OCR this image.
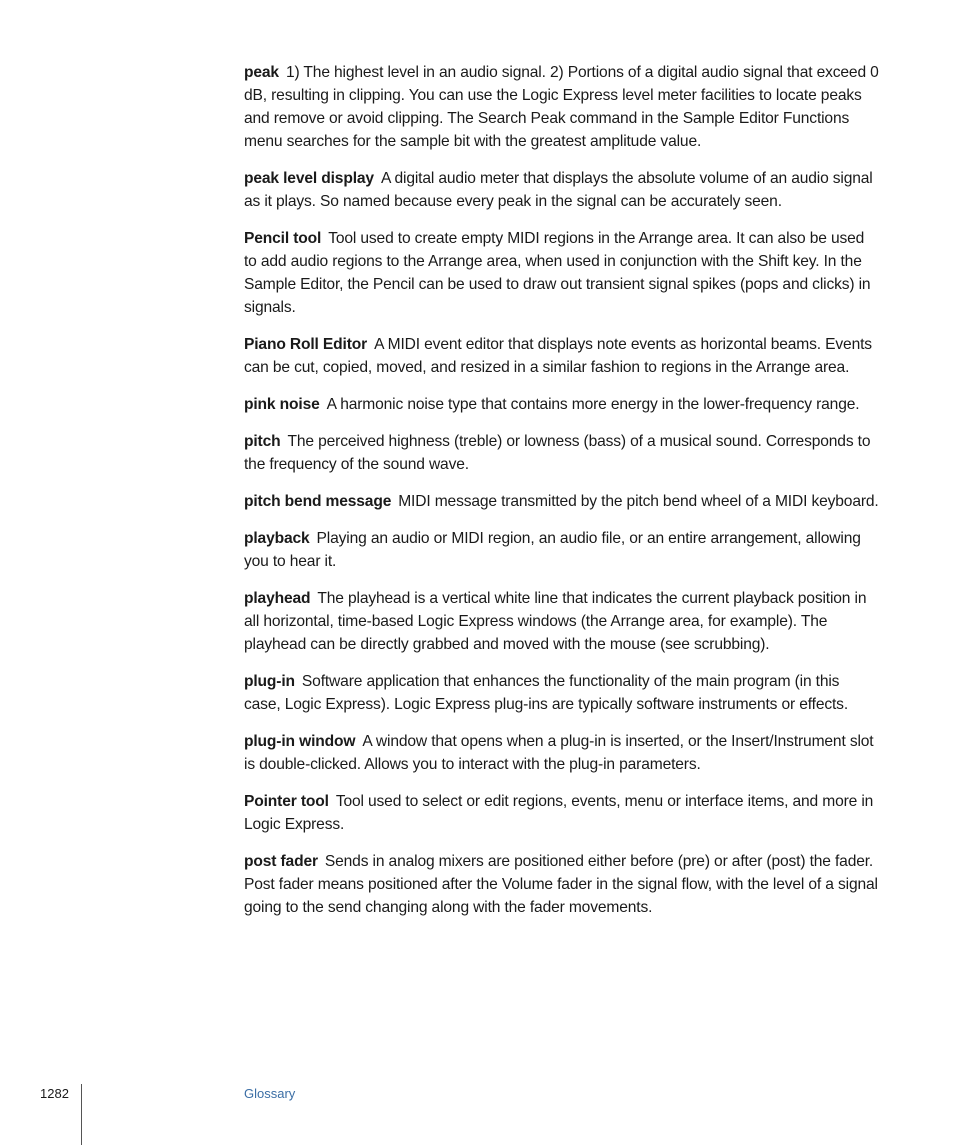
peak 1) The highest level in an audio signal. 2) Portions of a digital audio signal that exceed 0 dB, resulting in clipping. You can use the Logic Express level meter facilities to locate peaks and remove or avoid clipping. The Search Peak command in the Sample Editor Functions menu searches for the sample bit with the greatest amplitude value.

peak level display A digital audio meter that displays the absolute volume of an audio signal as it plays. So named because every peak in the signal can be accurately seen.

Pencil tool Tool used to create empty MIDI regions in the Arrange area. It can also be used to add audio regions to the Arrange area, when used in conjunction with the Shift key. In the Sample Editor, the Pencil can be used to draw out transient signal spikes (pops and clicks) in signals.

Piano Roll Editor A MIDI event editor that displays note events as horizontal beams. Events can be cut, copied, moved, and resized in a similar fashion to regions in the Arrange area.

pink noise A harmonic noise type that contains more energy in the lower-frequency range.

pitch The perceived highness (treble) or lowness (bass) of a musical sound. Corresponds to the frequency of the sound wave.

pitch bend message MIDI message transmitted by the pitch bend wheel of a MIDI keyboard.

playback Playing an audio or MIDI region, an audio file, or an entire arrangement, allowing you to hear it.

playhead The playhead is a vertical white line that indicates the current playback position in all horizontal, time-based Logic Express windows (the Arrange area, for example). The playhead can be directly grabbed and moved with the mouse (see scrubbing).

plug-in Software application that enhances the functionality of the main program (in this case, Logic Express). Logic Express plug-ins are typically software instruments or effects.

plug-in window A window that opens when a plug-in is inserted, or the Insert/Instrument slot is double-clicked. Allows you to interact with the plug-in parameters.

Pointer tool Tool used to select or edit regions, events, menu or interface items, and more in Logic Express.

post fader Sends in analog mixers are positioned either before (pre) or after (post) the fader. Post fader means positioned after the Volume fader in the signal flow, with the level of a signal going to the send changing along with the fader movements.

1282	Glossary
